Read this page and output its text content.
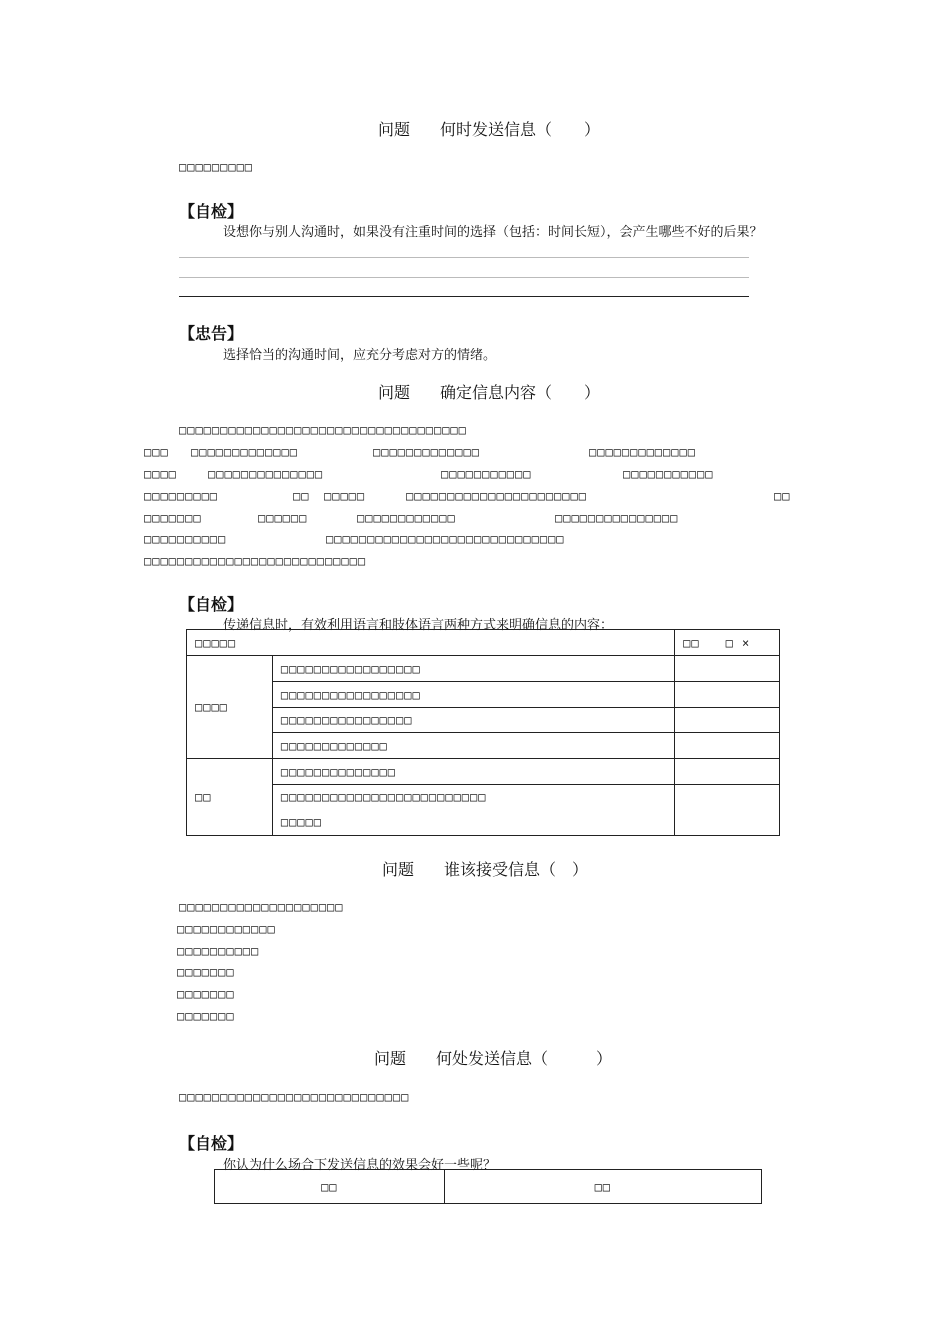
问题 何时发送信息（　　）
□□□□□□□□□
【自检】
设想你与别人沟通时，如果没有注重时间的选择（包括：时间长短），会产生哪些不好的后果？
【忠告】
选择恰当的沟通时间，应充分考虑对方的情绪。
问题 确定信息内容（　　）
□□□□□□□□□□□□□□□□□□□□□□□□□□□□□□□□□□□
□□□ □□□□□□□□□□□□□	□□□□□□□□□□□□□	□□□□□□□□□□□□□
□□□□	□□□□□□□□□□□□□□	□□□□□□□□□□□	□□□□□□□□□□□
□□□□□□□□□	□□ □□□□□	□□□□□□□□□□□□□□□□□□□□□□	□□
□□□□□□□	□□□□□□	□□□□□□□□□□□□	□□□□□□□□□□□□□□□
□□□□□□□□□□	□□□□□□□□□□□□□□□□□□□□□□□□□□□□□
□□□□□□□□□□□□□□□□□□□□□□□□□□□
【自检】
传递信息时，有效利用语言和肢体语言两种方式来明确信息的内容：
□□□□□		□□　　□ ×
□□□□	□□□□□□□□□□□□□□□□□	
	□□□□□□□□□□□□□□□□□	
	□□□□□□□□□□□□□□□□	
	□□□□□□□□□□□□□	
□□	□□□□□□□□□□□□□□	

	□□□□□□□□□□□□□□□□□□□□□□□□□
□□□□□	

问题 谁该接受信息（　）
□□□□□□□□□□□□□□□□□□□□
□□□□□□□□□□□□
□□□□□□□□□□
□□□□□□□
□□□□□□□
□□□□□□□
问题 何处发送信息（　　　）
□□□□□□□□□□□□□□□□□□□□□□□□□□□□
【自检】
你认为什么场合下发送信息的效果会好一些呢？
□□	□□
